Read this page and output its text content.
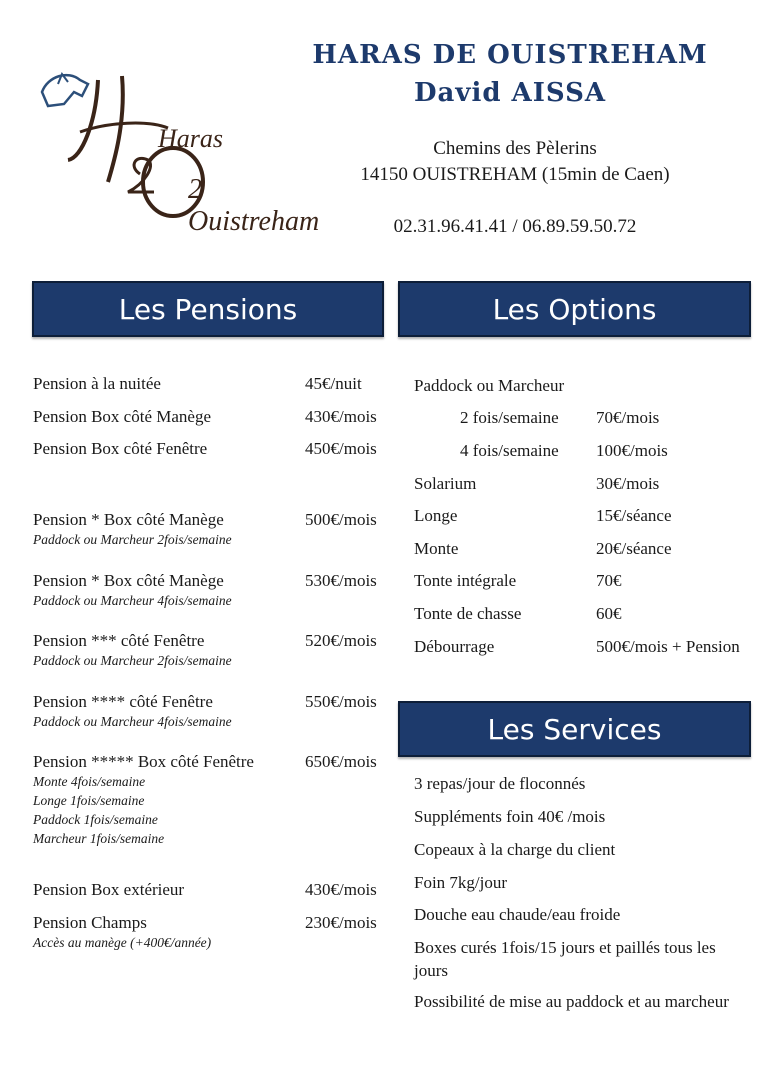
Haras
2 Ouistreham
HARAS DE OUISTREHAM
David AISSA
Chemins des Pèlerins
14150 OUISTREHAM (15min de Caen)
02.31.96.41.41 / 06.89.59.50.72
Les Pensions	Les Options
Les Services
Pension à la nuitée	45€/nuit
Pension Box côté Manège	430€/mois
Pension Box côté Fenêtre	450€/mois
Pension * Box côté Manège	500€/mois
Paddock ou Marcheur 2fois/semaine
Pension * Box côté Manège	530€/mois
Paddock ou Marcheur 4fois/semaine
Pension *** côté Fenêtre	520€/mois
Paddock ou Marcheur 2fois/semaine
Pension **** côté Fenêtre	550€/mois
Paddock ou Marcheur 4fois/semaine
Pension ***** Box côté Fenêtre	650€/mois
Monte 4fois/semaine
Longe 1fois/semaine
Paddock 1fois/semaine
Marcheur 1fois/semaine
Pension Box extérieur	430€/mois
Pension Champs	230€/mois
Accès au manège (+400€/année)
Paddock ou Marcheur
2 fois/semaine 70€/mois
4 fois/semaine 100€/mois
Solarium	30€/mois
Longe	15€/séance
Monte	20€/séance
Tonte intégrale	70€
Tonte de chasse	60€
Débourrage	500€/mois + Pension
3 repas/jour de floconnés
Suppléments foin 40€ /mois
Copeaux à la charge du client
Foin 7kg/jour
Douche eau chaude/eau froide
Boxes curés 1fois/15 jours et paillés tous les jours
Possibilité de mise au paddock et au marcheur
